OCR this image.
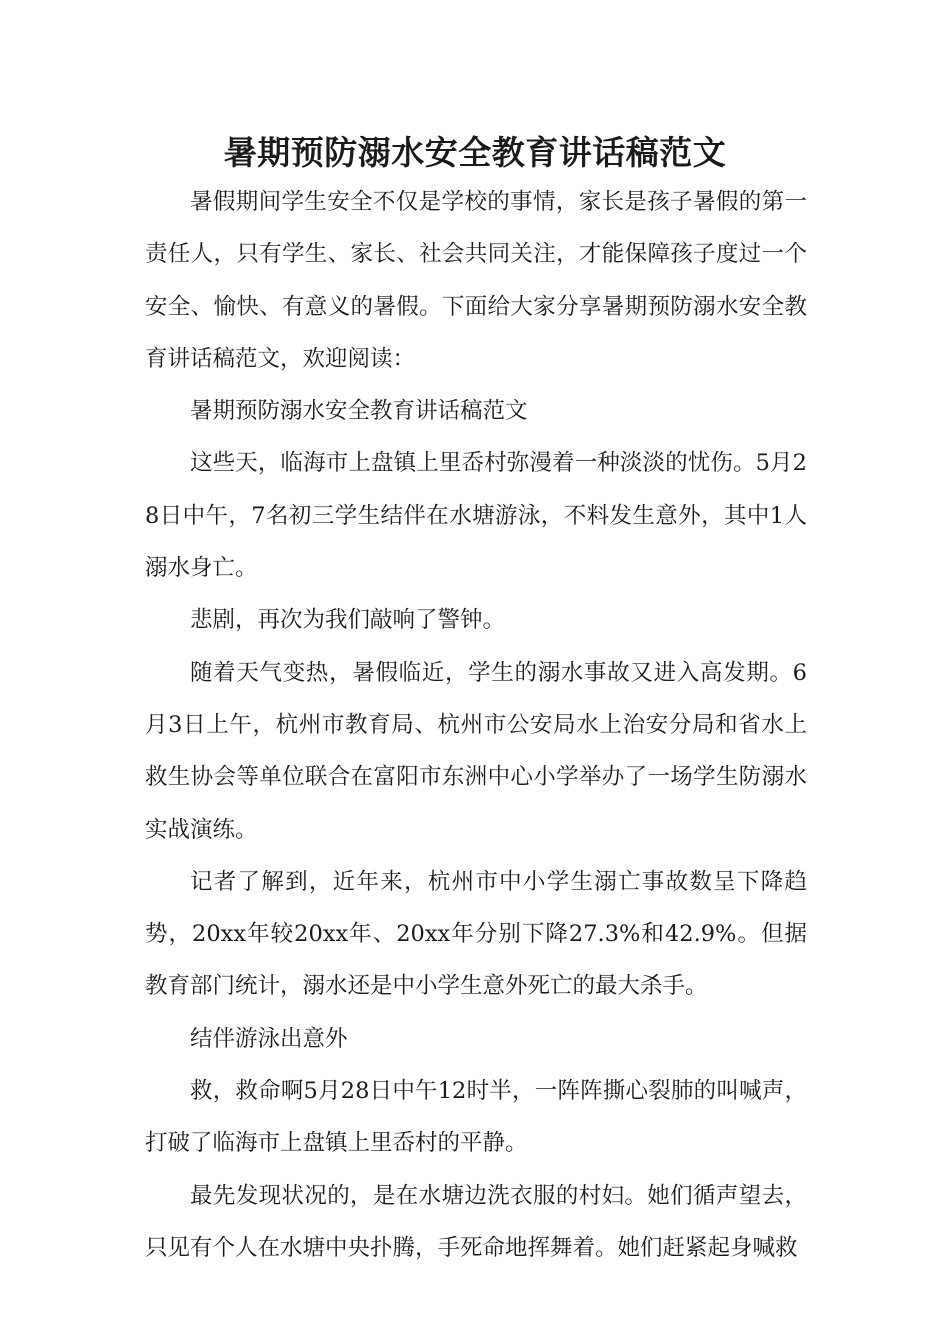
暑期预防溺水安全教育讲话稿范文

暑假期间学生安全不仅是学校的事情，家长是孩子暑假的第一责任人，只有学生、家长、社会共同关注，才能保障孩子度过一个安全、愉快、有意义的暑假。下面给大家分享暑期预防溺水安全教育讲话稿范文，欢迎阅读：

暑期预防溺水安全教育讲话稿范文

这些天，临海市上盘镇上里岙村弥漫着一种淡淡的忧伤。5月28日中午，7名初三学生结伴在水塘游泳，不料发生意外，其中1人溺水身亡。

悲剧，再次为我们敲响了警钟。

随着天气变热，暑假临近，学生的溺水事故又进入高发期。6月3日上午，杭州市教育局、杭州市公安局水上治安分局和省水上救生协会等单位联合在富阳市东洲中心小学举办了一场学生防溺水实战演练。

记者了解到，近年来，杭州市中小学生溺亡事故数呈下降趋势，20xx年较20xx年、20xx年分别下降27.3%和42.9%。但据教育部门统计，溺水还是中小学生意外死亡的最大杀手。

结伴游泳出意外

救，救命啊5月28日中午12时半，一阵阵撕心裂肺的叫喊声，打破了临海市上盘镇上里岙村的平静。

最先发现状况的，是在水塘边洗衣服的村妇。她们循声望去，只见有个人在水塘中央扑腾，手死命地挥舞着。她们赶紧起身喊救
